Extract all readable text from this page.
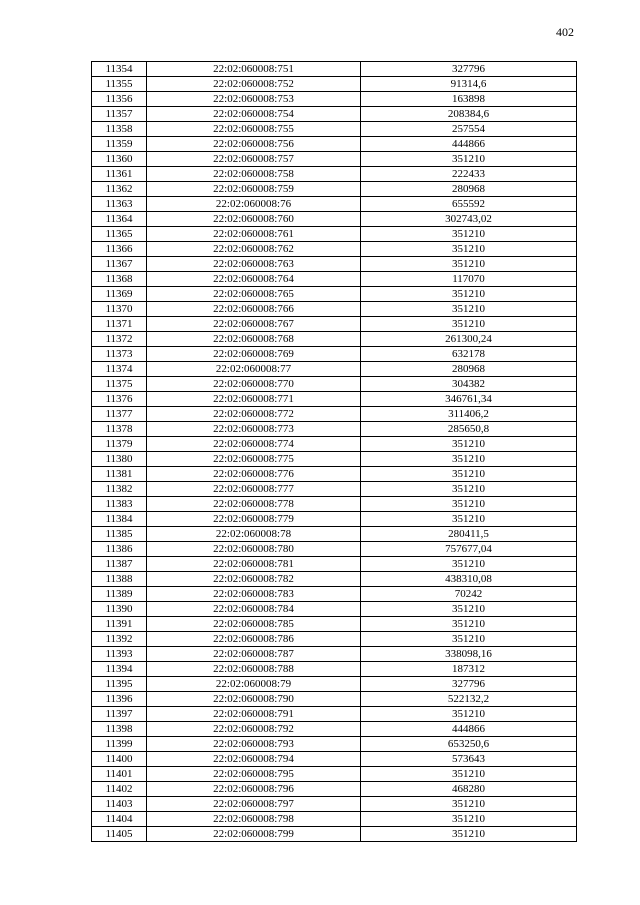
402
11354	22:02:060008:751	327796
11355	22:02:060008:752	91314,6
11356	22:02:060008:753	163898
11357	22:02:060008:754	208384,6
11358	22:02:060008:755	257554
11359	22:02:060008:756	444866
11360	22:02:060008:757	351210
11361	22:02:060008:758	222433
11362	22:02:060008:759	280968
11363	22:02:060008:76	655592
11364	22:02:060008:760	302743,02
11365	22:02:060008:761	351210
11366	22:02:060008:762	351210
11367	22:02:060008:763	351210
11368	22:02:060008:764	117070
11369	22:02:060008:765	351210
11370	22:02:060008:766	351210
11371	22:02:060008:767	351210
11372	22:02:060008:768	261300,24
11373	22:02:060008:769	632178
11374	22:02:060008:77	280968
11375	22:02:060008:770	304382
11376	22:02:060008:771	346761,34
11377	22:02:060008:772	311406,2
11378	22:02:060008:773	285650,8
11379	22:02:060008:774	351210
11380	22:02:060008:775	351210
11381	22:02:060008:776	351210
11382	22:02:060008:777	351210
11383	22:02:060008:778	351210
11384	22:02:060008:779	351210
11385	22:02:060008:78	280411,5
11386	22:02:060008:780	757677,04
11387	22:02:060008:781	351210
11388	22:02:060008:782	438310,08
11389	22:02:060008:783	70242
11390	22:02:060008:784	351210
11391	22:02:060008:785	351210
11392	22:02:060008:786	351210
11393	22:02:060008:787	338098,16
11394	22:02:060008:788	187312
11395	22:02:060008:79	327796
11396	22:02:060008:790	522132,2
11397	22:02:060008:791	351210
11398	22:02:060008:792	444866
11399	22:02:060008:793	653250,6
11400	22:02:060008:794	573643
11401	22:02:060008:795	351210
11402	22:02:060008:796	468280
11403	22:02:060008:797	351210
11404	22:02:060008:798	351210
11405	22:02:060008:799	351210
